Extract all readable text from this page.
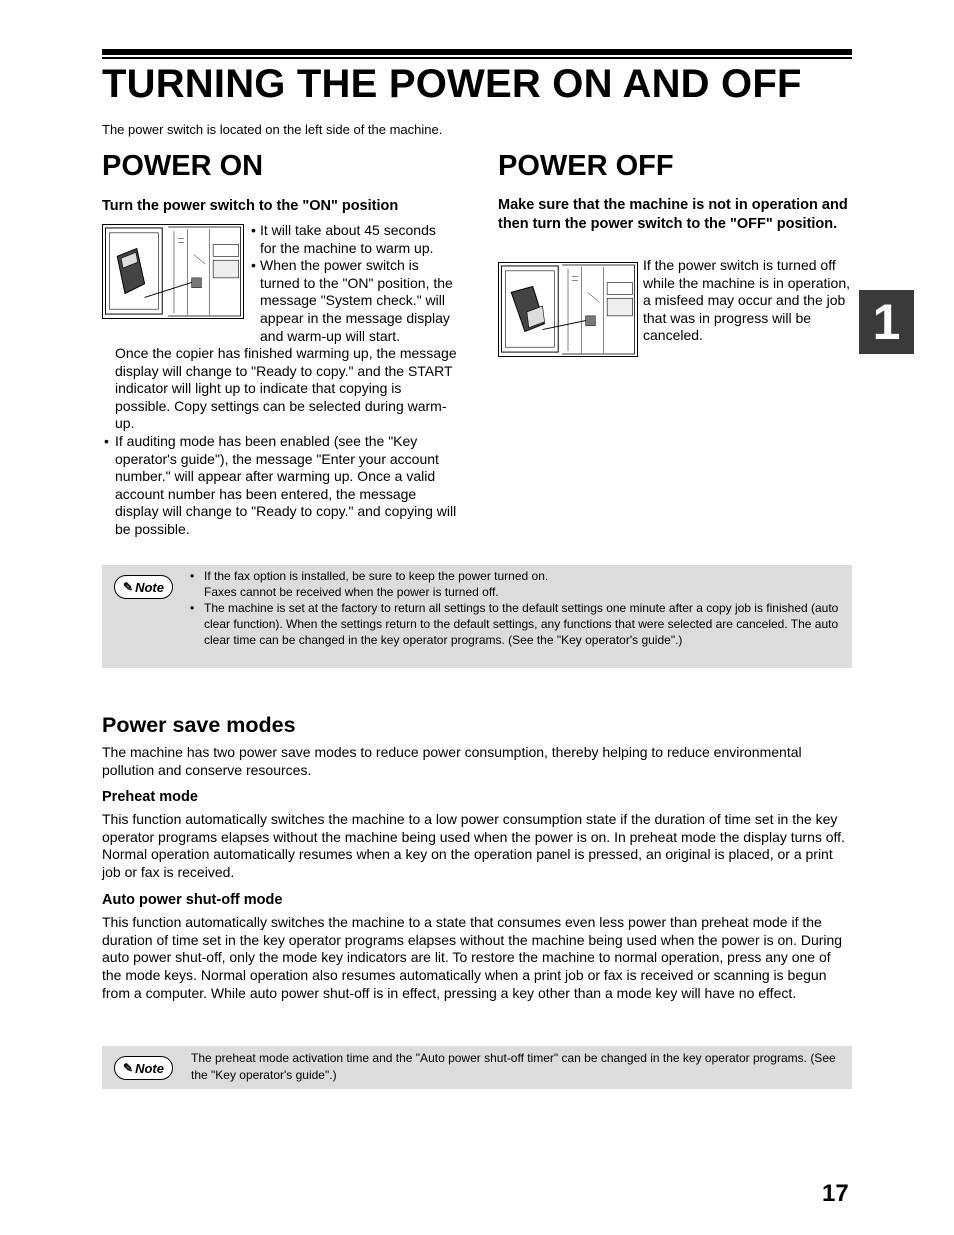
TURNING THE POWER ON AND OFF

The power switch is located on the left side of the machine.

POWER ON
Turn the power switch to the "ON" position
• It will take about 45 seconds for the machine to warm up.
• When the power switch is turned to the "ON" position, the message "System check." will appear in the message display and warm-up will start.
Once the copier has finished warming up, the message display will change to "Ready to copy." and the START indicator will light up to indicate that copying is possible. Copy settings can be selected during warm-up.
• If auditing mode has been enabled (see the "Key operator's guide"), the message "Enter your account number." will appear after warming up. Once a valid account number has been entered, the message display will change to "Ready to copy." and copying will be possible.
POWER OFF
Make sure that the machine is not in operation and then turn the power switch to the "OFF" position.
If the power switch is turned off while the machine is in operation, a misfeed may occur and the job that was in progress will be canceled.	1
✎ Note
• If the fax option is installed, be sure to keep the power turned on.
Faxes cannot be received when the power is turned off.
• The machine is set at the factory to return all settings to the default settings one minute after a copy job is finished (auto clear function). When the settings return to the default settings, any functions that were selected are canceled. The auto clear time can be changed in the key operator programs. (See the "Key operator's guide".)
Power save modes

The machine has two power save modes to reduce power consumption, thereby helping to reduce environmental pollution and conserve resources.

Preheat mode

This function automatically switches the machine to a low power consumption state if the duration of time set in the key operator programs elapses without the machine being used when the power is on. In preheat mode the display turns off. Normal operation automatically resumes when a key on the operation panel is pressed, an original is placed, or a print job or fax is received.

Auto power shut-off mode

This function automatically switches the machine to a state that consumes even less power than preheat mode if the duration of time set in the key operator programs elapses without the machine being used when the power is on. During auto power shut-off, only the mode key indicators are lit. To restore the machine to normal operation, press any one of the mode keys. Normal operation also resumes automatically when a print job or fax is received or scanning is begun from a computer. While auto power shut-off is in effect, pressing a key other than a mode key will have no effect.

✎ Note
The preheat mode activation time and the "Auto power shut-off timer" can be changed in the key operator programs. (See the "Key operator's guide".)
17
